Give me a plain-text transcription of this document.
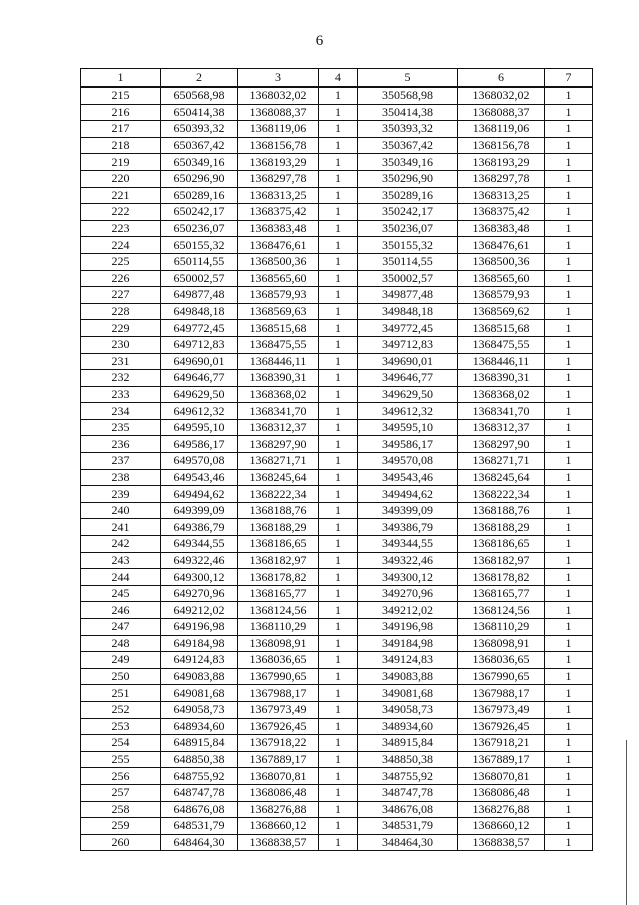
6
1	2	3	4	5	6	7
215	650568,98	1368032,02	1	350568,98	1368032,02	1
216	650414,38	1368088,37	1	350414,38	1368088,37	1
217	650393,32	1368119,06	1	350393,32	1368119,06	1
218	650367,42	1368156,78	1	350367,42	1368156,78	1
219	650349,16	1368193,29	1	350349,16	1368193,29	1
220	650296,90	1368297,78	1	350296,90	1368297,78	1
221	650289,16	1368313,25	1	350289,16	1368313,25	1
222	650242,17	1368375,42	1	350242,17	1368375,42	1
223	650236,07	1368383,48	1	350236,07	1368383,48	1
224	650155,32	1368476,61	1	350155,32	1368476,61	1
225	650114,55	1368500,36	1	350114,55	1368500,36	1
226	650002,57	1368565,60	1	350002,57	1368565,60	1
227	649877,48	1368579,93	1	349877,48	1368579,93	1
228	649848,18	1368569,63	1	349848,18	1368569,62	1
229	649772,45	1368515,68	1	349772,45	1368515,68	1
230	649712,83	1368475,55	1	349712,83	1368475,55	1
231	649690,01	1368446,11	1	349690,01	1368446,11	1
232	649646,77	1368390,31	1	349646,77	1368390,31	1
233	649629,50	1368368,02	1	349629,50	1368368,02	1
234	649612,32	1368341,70	1	349612,32	1368341,70	1
235	649595,10	1368312,37	1	349595,10	1368312,37	1
236	649586,17	1368297,90	1	349586,17	1368297,90	1
237	649570,08	1368271,71	1	349570,08	1368271,71	1
238	649543,46	1368245,64	1	349543,46	1368245,64	1
239	649494,62	1368222,34	1	349494,62	1368222,34	1
240	649399,09	1368188,76	1	349399,09	1368188,76	1
241	649386,79	1368188,29	1	349386,79	1368188,29	1
242	649344,55	1368186,65	1	349344,55	1368186,65	1
243	649322,46	1368182,97	1	349322,46	1368182,97	1
244	649300,12	1368178,82	1	349300,12	1368178,82	1
245	649270,96	1368165,77	1	349270,96	1368165,77	1
246	649212,02	1368124,56	1	349212,02	1368124,56	1
247	649196,98	1368110,29	1	349196,98	1368110,29	1
248	649184,98	1368098,91	1	349184,98	1368098,91	1
249	649124,83	1368036,65	1	349124,83	1368036,65	1
250	649083,88	1367990,65	1	349083,88	1367990,65	1
251	649081,68	1367988,17	1	349081,68	1367988,17	1
252	649058,73	1367973,49	1	349058,73	1367973,49	1
253	648934,60	1367926,45	1	348934,60	1367926,45	1
254	648915,84	1367918,22	1	348915,84	1367918,21	1
255	648850,38	1367889,17	1	348850,38	1367889,17	1
256	648755,92	1368070,81	1	348755,92	1368070,81	1
257	648747,78	1368086,48	1	348747,78	1368086,48	1
258	648676,08	1368276,88	1	348676,08	1368276,88	1
259	648531,79	1368660,12	1	348531,79	1368660,12	1
260	648464,30	1368838,57	1	348464,30	1368838,57	1
